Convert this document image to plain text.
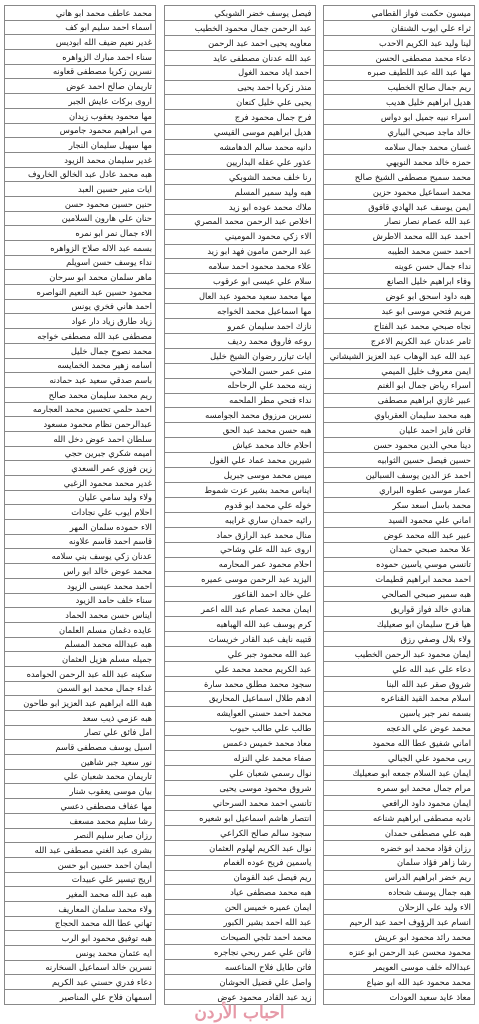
ميسون حكمت فواز القطامي
ثراء علي ايوب الشنقان
لينا وليد عبد الكريم الاحدب
دعاء محمد مصطفى الحسن
مها عبد الله عبد اللطيف صبره
ريم جمال صالح الخطيب
هديل ابراهيم خليل هديب
اسراء نبيه جميل ابو دواس
خالد ماجد صبحي البياري
غسان محمد جمال سلامه
حمزه خالد محمد النويهي
محمد سميح مصطفى الشيخ صالح
محمد اسماعيل محمود حزين
ايمن يوسف عبد الهادي قافوق
عبد الله عصام نصار نصار
احمد عبد الله محمد الاطرش
احمد حسن محمد الطيبه
نداء جمال حسن عوينه
وفاء ابراهيم خليل الصانع
هبه داود اسحق ابو عوض
مريم فتحي موسى ابو عبد
نجاه صبحي محمد عبد الفتاح
ثامر عدنان عبد الكريم الاعرج
عبد الله عبد الوهاب عبد العزيز الشيشاني
ايمن معروف خليل الميمي
اسراء رياض جمال ابو الغنم
عبير غازي ابراهيم مصطفى
هبه محمد سليمان العقرباوي
فاتن فايز احمد عليان
دينا محي الدين محمود حسن
حسين فيصل حسين الثوابيه
احمد عز الدين يوسف السبالين
عمار موسى عطوه البراري
محمد باسل اسعد سكر
اماني علي محمود السيد
عبير عبد الله محمد عوض
علا محمد صبحي حمدان
تانسي موسي ياسين حموده
احمد محمد ابراهيم قطيمات
هبه سمير صبحي الصالحي
هنادي خالد فواز قواريق
هيا فرح سليمان ابو صعيليك
ولاء بلال وصفي رزق
ايمان محمود عبد الرحمن الخطيب
دعاء علي عبد الله علي
شروق صقر عبد الله البنا
اسلام محمد القيد القناعره
بسمه نمر جبر ياسين
محمد عوض علي الدعجه
اماني شفيق عطا الله محمود
ربى محمود علي الجبالي
ايمان عبد السلام جمعه ابو صعيليك
مرام جمال محمد ابو سمره
ايمان محمود داود الرافعي
ناديه مصطفى ابراهيم شناعه
هبه علي مصطفى حمدان
رزان فؤاد محمد ابو خضره
رشا زاهر فؤاد سلمان
ريم خضر ابراهيم الدراس
هبه جمال يوسف شحاده
الاء وليد علي الزحلان
انسام عبد الرؤوف احمد عبد الرحيم
محمد رائد محمود ابو عريش
محمود محسن عبد الرحمن ابو عنزه
عبدالاله خلف موسى العويمر
محمد محمود عبد الله ابو ضياع
معاذ عايد سعيد العودات
فيصل يوسف خضر الشوبكي
عبد الرحمن جمال محمود الخطيب
معاويه يحيى احمد عبد الرحمن
عبد الله عدنان مصطفى عايد
احمد اياد محمد الغول
منذر زكريا احمد يحيى
يحيى علي خليل كنعان
فرح جمال محمود فرج
هديل ابراهيم موسى القيسي
دانيه محمد سالم الدهامشه
عذور علي عقله البداريين
رنا خلف محمد الشوبكي
هبه وليد سمير المسلم
ملاك محمد عوده ابو زيد
اخلاص عبد الرحمن محمد المصري
الاء زكي محمود الموميني
عبد الرحمن مامون فهد ابو زيد
علاء محمد محمود احمد سلامه
سلام علي عيسى ابو عرقوب
مها محمد سعيد محمود عبد العال
مها اسماعيل محمد الخواجه
نازك احمد سليمان عمرو
روعه فاروق محمد رديف
ايات تيازر رضوان الشيخ خليل
منى عمر حسن الملاحي
زينه محمد علي الرحاحله
نداء فتحي مطر الملحمه
نسرين مرزوق محمد الجوامسه
هبه حسن محمد عبد الحق
احلام خالد محمد عياش
شيرين محمد عماد علي الغول
ميس محمد موسى جبريل
ايناس محمد بشير عزت شموط
خوله علي محمد ابو قدوم
رائيه حمدان ساري غرايبه
منال محمد عبد الرازق حماد
اروى عبد الله علي وشاحي
احلام محمود عمر المحارمه
اليزيد عبد الرحمن موسى عميره
علي خالد احمد القاعور
ايمان محمد عصام عبد الله اعمر
كرم يوسف عبد الله الهباهبه
قتيبه نايف عبد القادر خريسات
عبد الله محمود جبر علي
عبد الكريم محمد محمد علي
سجود محمد مطلق محمد سارة
ادهم طلال اسماعيل المحاريق
محمد احمد حسني العوايشه
طالب علي طالب حبوب
معاذ محمد خميس دعمس
صفاء محمد علي النزله
نوال رسمي شعبان علي
شروق محمود موسى يحيى
تانسي احمد محمد السرحاني
انتصار هاشم اسماعيل ابو شعيره
سجود سالم صالح الكراعي
نوال عبد الكريم لهلوم العثمان
ياسمين فريح عوده الغمام
ريم فيصل عبد القومان
هبه محمد مصطفى عياد
ايمان عميره خميس الحن
عبد الله احمد بشير الكبور
محمد احمد تلجي الصيحات
فاتن علي عمر ربحي نجاجره
فاتن طايل فلاح المناعسه
واصل علي فضيل الحوشان
زيد عبد القادر محمود عوض
محمد عاطف محمد ابو هاني
اسماء احمد سليم ابو كف
غدير نعيم ضيف الله ابوديس
سناء احمد مبارك الزواهره
نسرين زكريا مصطفى قعاونه
تاريمان صالح احمد عوض
اروى بركات عايش الجبر
مها محمود يعقوب زيدان
مي ابراهيم محمود جاموس
مها سهيل سليمان النجار
غدير سليمان محمد الزيود
هبه محمد عادل عبد الخالق الخاروف
ايات منير حسين العبد
حنين حسين محمود حسن
حنان علي هارون السلامين
الاء جمال نمر ابو نمره
بسمه عبد الاله صلاح الزواهره
نداء يوسف حسن اسويلم
ماهر سلمان محمد ابو سرحان
محمود حسين عبد النعيم النواصره
احمد هاني فخري يونس
زياد طارق زياد دار عواد
مصطفى عبد الله مصطفى خواجه
محمد نصوح جمال خليل
اسامه زهير محمد الخمايسه
باسم صدقي سعيد عبد حمادنه
ريم محمد سليمان محمد صالح
احمد حلمي تحسين محمد العجارمه
عبدالرحمن نظام محمود مسعود
سلطان احمد عوض دخل الله
اميمه شكري جبرين حجي
زين فوزي عمر السعدي
غدير محمد محمود الزغبي
ولاء وليد سامي عليان
احلام ايوب علي نجادات
الاء حموده سلمان المهر
قاسم احمد قاسم علاونه
عدنان زكي يوسف بني سلامه
محمد عوض خالد ابو راس
احمد محمد عيسى الزيود
سناء خلف حامد الزيود
ايناس حسن محمد الحماد
عايده دغمان مسلم العلمان
هبه عبدالله محمد المسلم
جميله مسلم هزيل العثمان
سكينه عبد الله عبد الرحمن الحوامده
غداء جمال محمد ابو السمن
هبة الله ابراهيم عبد العزيز ابو طاحون
هبه عزمي ذيب سعد
امل فائق علي تصار
اسيل يوسف مصطفى قاسم
نور سعيد جبر شاهين
تاريمان محمد شعبان علي
بيان موسى يعقوب شنار
مها عفاف مصطفى دعسي
رشا سليم محمد مسعف
رزان صابر سليم النصر
بشرى عبد الغني مصطفى عبد الله
ايمان احمد حسين ابو حسن
اريج تيسير علي عبيدات
هبه عبد الله محمد المغير
ولاء محمد سلمان المعاريف
تهاني عطا الله محمد الحجاج
هبه توفيق محمود ابو الرب
ايه عثمان محمد يونس
نسرين خالد اسماعيل السخارنه
دعاء فدري حسني عبد الكريم
اسمهان فلاح علي المناصير
احباب الأردن
